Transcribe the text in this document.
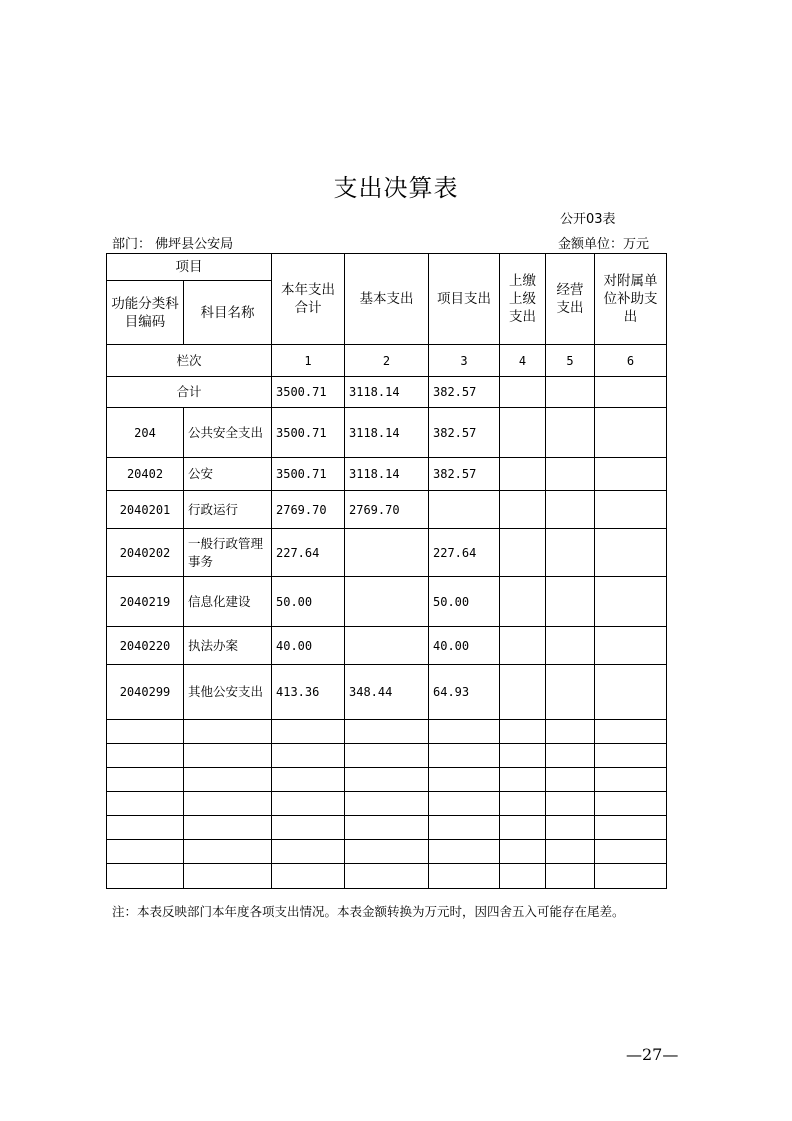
支出决算表
公开03表
部门： 佛坪县公安局	金额单位：万元
项目		本年支出合计	基本支出	项目支出	上缴上级支出	经营支出	对附属单位补助支出
功能分类科目编码	科目名称						
栏次		1	2	3	4	5	6
合计		3500.71	3118.14	382.57			
204	公共安全支出	3500.71	3118.14	382.57			
20402	公安	3500.71	3118.14	382.57			
2040201	行政运行	2769.70	2769.70				
2040202	一般行政管理事务	227.64		227.64			
2040219	信息化建设	50.00		50.00			
2040220	执法办案	40.00		40.00			
2040299	其他公安支出	413.36	348.44	64.93			

注：本表反映部门本年度各项支出情况。本表金额转换为万元时，因四舍五入可能存在尾差。
—27—
